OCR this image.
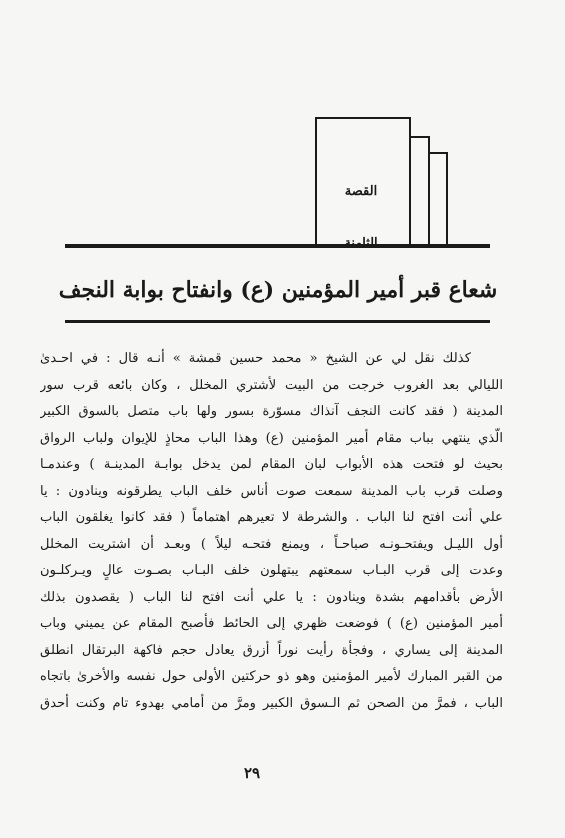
القصة
شعاع قبر أمير المؤمنين (ع) وانفتاح بوابة النجف
كذلك نقل لي عن الشيخ « محمد حسين قمشة » أنـه قال : في احـدىٰ
الليالي بعد الغروب خرجت من البيت لأشتري المخلل ، وكان بائعه قرب سور
المدينة ( فقد كانت النجف آنذاك مسوّرة بسور ولها باب متصل بالسوق الكبير
الّذي ينتهي بباب مقام أمير المؤمنين (ع) وهذا الباب محاذٍ للإيوان ولباب الرواق
بحيث لو فتحت هذه الأبواب لبان المقام لمن يدخل بوابـة المدينـة ) وعندمـا
وصلت قرب باب المدينة سمعت صوت أناس خلف الباب يطرقونه وينادون : يا
علي أنت افتح لنا الباب . والشرطة لا تعيرهم اهتماماً ( فقد كانوا يغلقون الباب
أول الليـل ويفتحـونـه صباحـاً ، ويمنع فتحـه ليلاً ) وبعـد أن اشتريت المخلل
وعدت إلى قرب البـاب سمعتهم يبتهلون خلف البـاب بصـوت عالٍ ويـركلـون
الأرض بأقدامهم بشدة وينادون : يا علي أنت افتح لنا الباب ( يقصدون بذلك
أمير المؤمنين (ع) ) فوضعت ظهري إلى الحائط فأصبح المقام عن يميني وباب
المدينة إلى يساري ، وفجأة رأيت نوراً أزرق يعادل حجم فاكهة البرتقال انطلق
من القبر المبارك لأمير المؤمنين وهو ذو حركتين الأولى حول نفسه والأخرىٰ باتجاه
الباب ، فمرَّ من الصحن ثم الـسوق الكبير ومرَّ من أمامي بهدوء تام وكنت أحدق
٢٩
